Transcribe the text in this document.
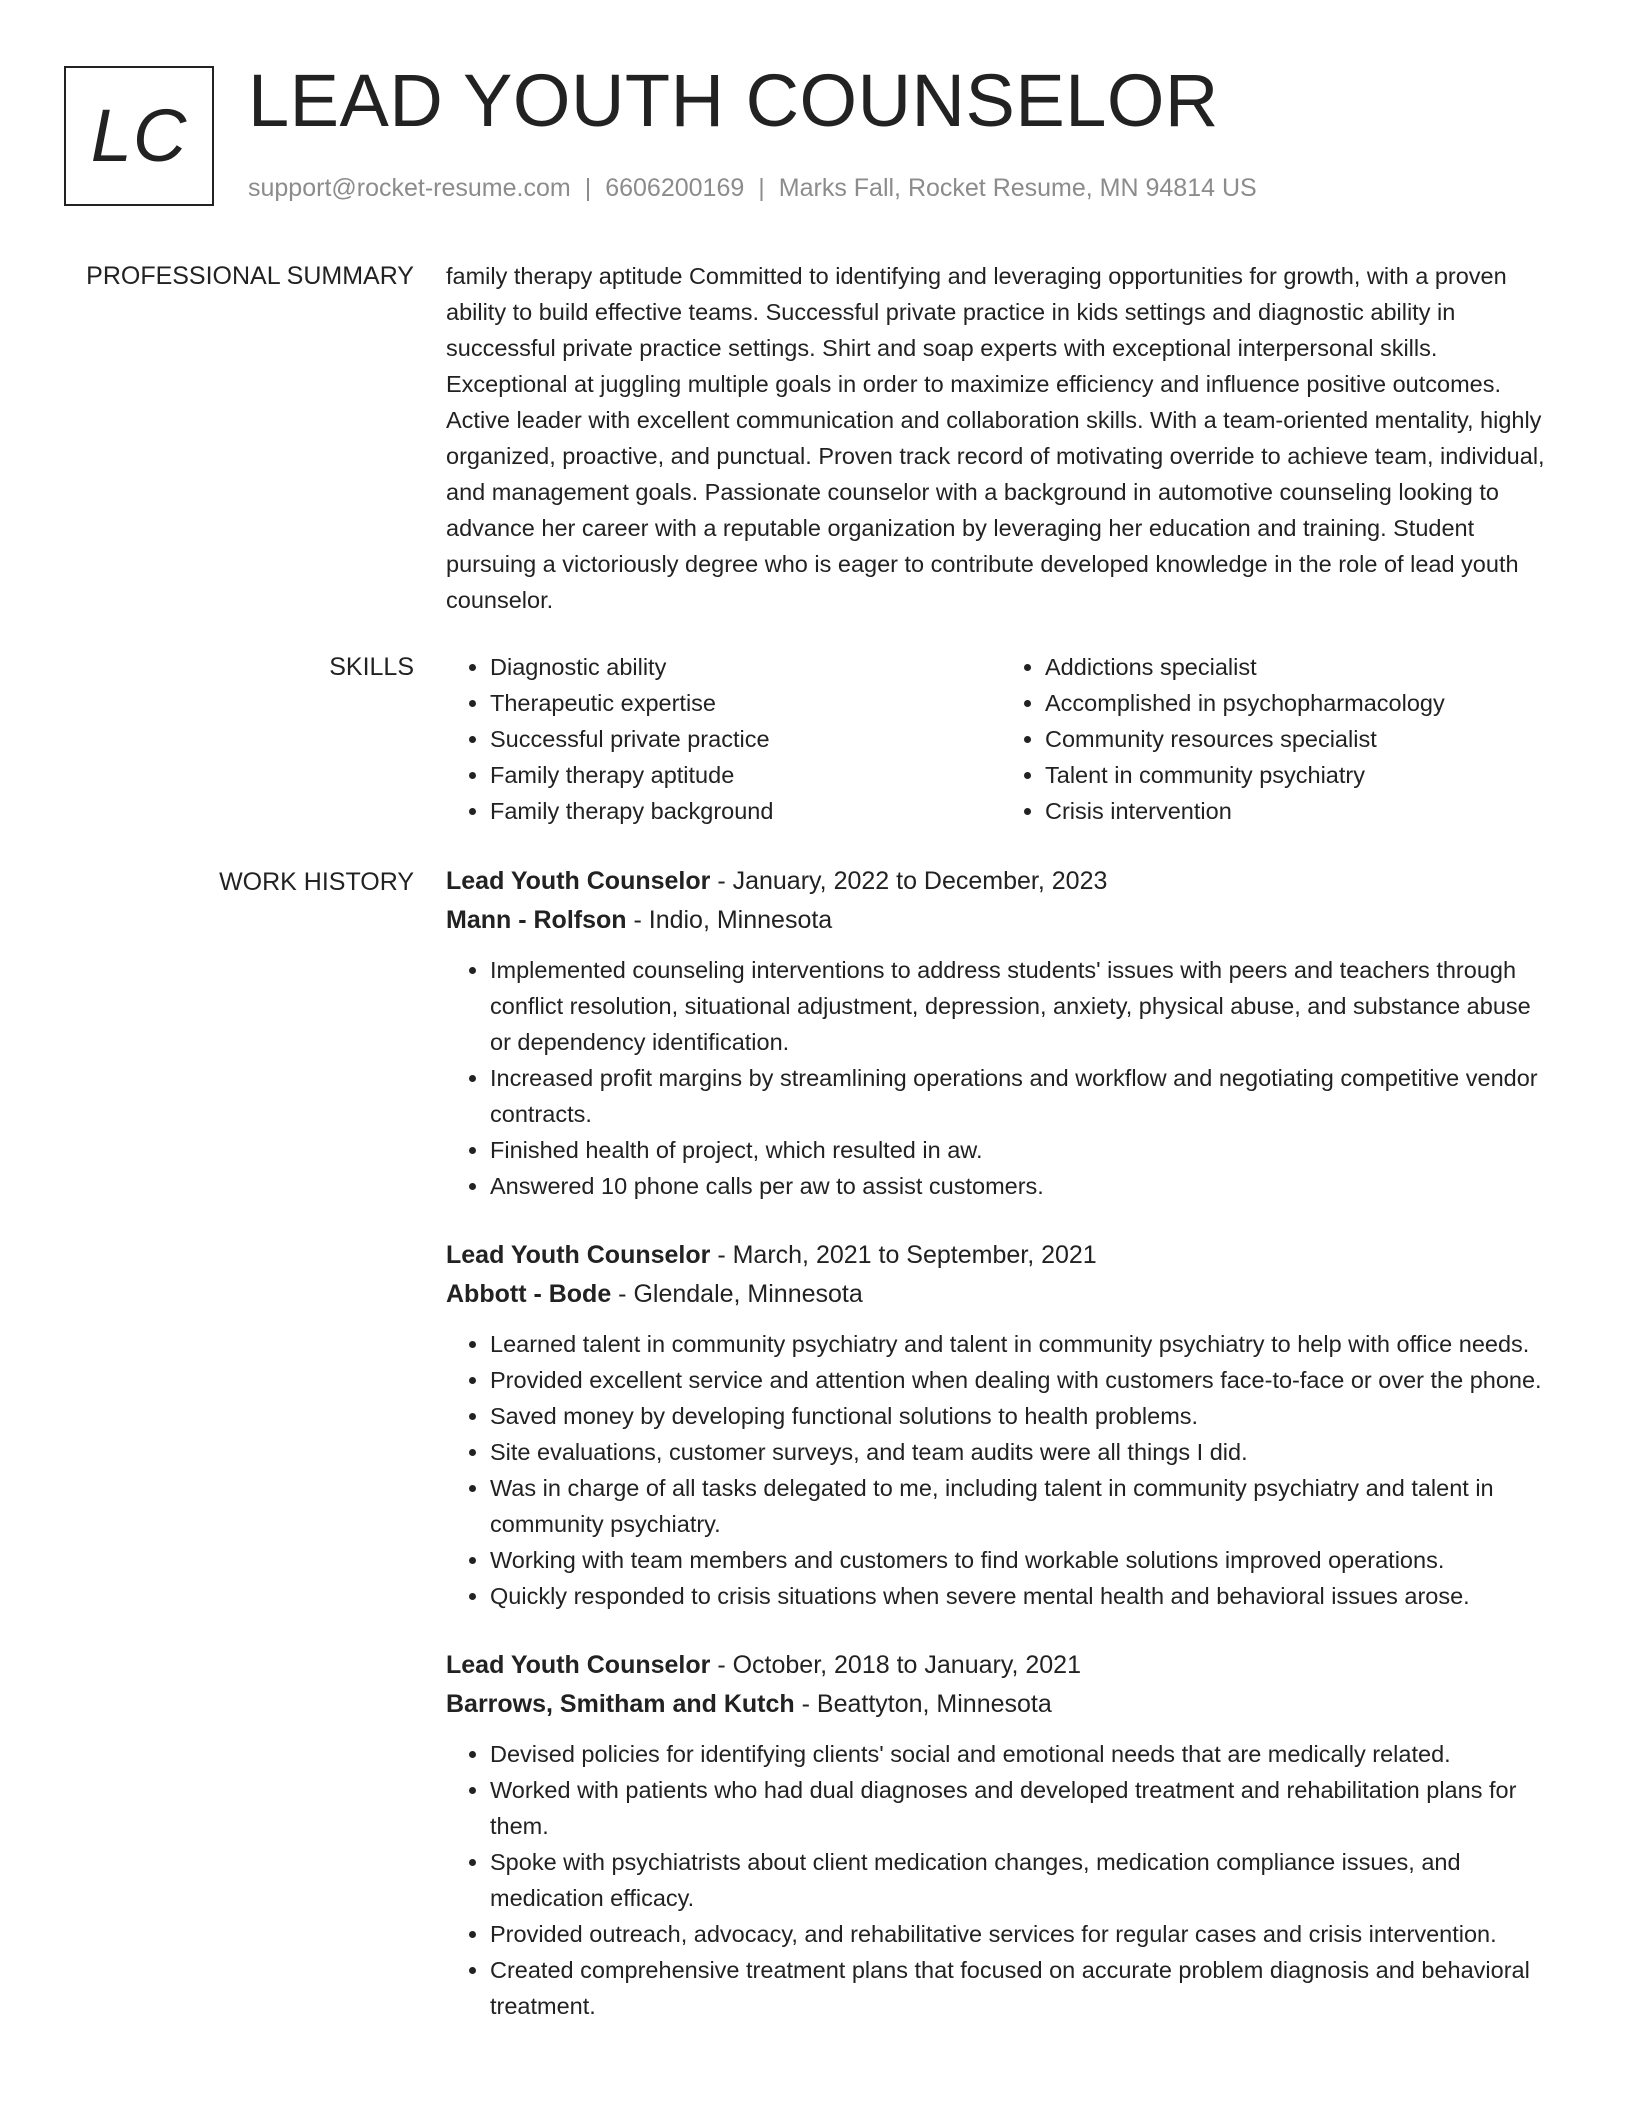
LC LEAD YOUTH COUNSELOR
support@rocket-resume.com | 6606200169 | Marks Fall, Rocket Resume, MN 94814 US
PROFESSIONAL SUMMARY family therapy aptitude Committed to identifying and leveraging opportunities for growth, with a proven ability to build effective teams. Successful private practice in kids settings and diagnostic ability in successful private practice settings. Shirt and soap experts with exceptional interpersonal skills. Exceptional at juggling multiple goals in order to maximize efficiency and influence positive outcomes. Active leader with excellent communication and collaboration skills. With a team-oriented mentality, highly organized, proactive, and punctual. Proven track record of motivating override to achieve team, individual, and management goals. Passionate counselor with a background in automotive counseling looking to advance her career with a reputable organization by leveraging her education and training. Student pursuing a victoriously degree who is eager to contribute developed knowledge in the role of lead youth counselor.

SKILLS
•	Diagnostic ability
• Therapeutic expertise
• Successful private practice
• Family therapy aptitude
• Family therapy background
• Addictions specialist
• Accomplished in psychopharmacology
• Community resources specialist
• Talent in community psychiatry
• Crisis intervention
WORK HISTORY Lead Youth Counselor - January, 2022 to December, 2023

Mann - Rolfson - Indio, Minnesota

• Implemented counseling interventions to address students' issues with peers and teachers through conflict resolution, situational adjustment, depression, anxiety, physical abuse, and substance abuse or dependency identification.
• Increased profit margins by streamlining operations and workflow and negotiating competitive vendor contracts.
• Finished health of project, which resulted in aw.
• Answered 10 phone calls per aw to assist customers.

Lead Youth Counselor - March, 2021 to September, 2021

Abbott - Bode - Glendale, Minnesota

• Learned talent in community psychiatry and talent in community psychiatry to help with office needs.
• Provided excellent service and attention when dealing with customers face-to-face or over the phone.
• Saved money by developing functional solutions to health problems.
• Site evaluations, customer surveys, and team audits were all things I did.
• Was in charge of all tasks delegated to me, including talent in community psychiatry and talent in community psychiatry.
• Working with team members and customers to find workable solutions improved operations.
• Quickly responded to crisis situations when severe mental health and behavioral issues arose.

Lead Youth Counselor - October, 2018 to January, 2021

Barrows, Smitham and Kutch - Beattyton, Minnesota

• Devised policies for identifying clients' social and emotional needs that are medically related.
• Worked with patients who had dual diagnoses and developed treatment and rehabilitation plans for them.
• Spoke with psychiatrists about client medication changes, medication compliance issues, and medication efficacy.
• Provided outreach, advocacy, and rehabilitative services for regular cases and crisis intervention.
• Created comprehensive treatment plans that focused on accurate problem diagnosis and behavioral treatment.
